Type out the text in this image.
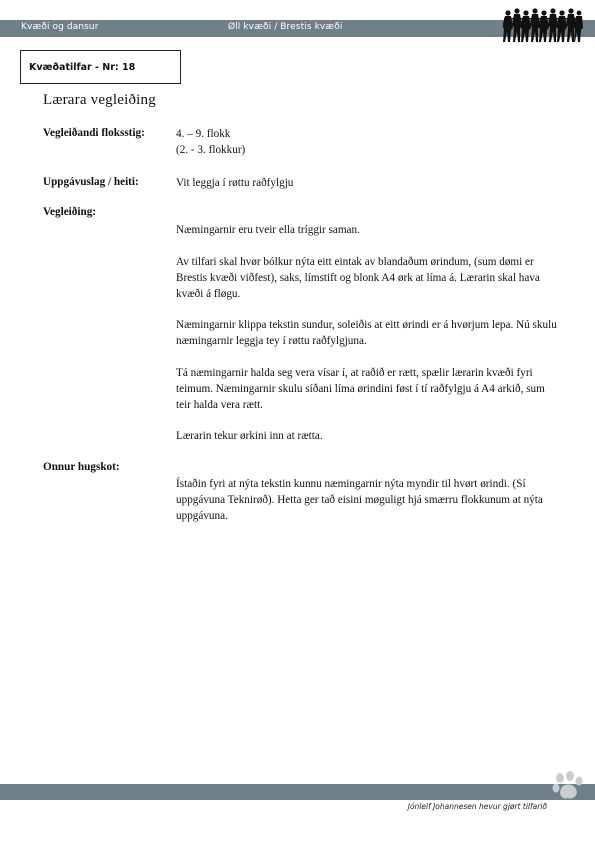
Kvæði og dansur	Øll kvæði / Brestis kvæði
Kvæðatilfar - Nr: 18
Lærara vegleiðing
Vegleiðandi floksstig:	4. – 9. flokk
(2. - 3. flokkur)
Uppgávuslag / heiti:	Vit leggja í røttu raðfylgju
Vegleiðing:
Næmingarnir eru tveir ella tríggir saman.
Av tilfari skal hvør bólkur nýta eitt eintak av blandaðum ørindum, (sum dømi er Brestis kvæði viðfest), saks, límstift og blonk A4 ørk at líma á. Lærarin skal hava kvæði á fløgu.
Næmingarnir klippa tekstin sundur, soleiðis at eitt ørindi er á hvørjum lepa. Nú skulu næmingarnir leggja tey í røttu raðfylgjuna.
Tá næmingarnir halda seg vera vísar í, at raðið er rætt, spælir lærarin kvæði fyri teimum. Næmingarnir skulu síðani líma ørindini føst í tí raðfylgju á A4 arkið, sum teir halda vera rætt.
Lærarin tekur ørkini inn at rætta.
Onnur hugskot:
Ístaðin fyri at nýta tekstin kunnu næmingarnir nýta myndir til hvørt ørindi. (Sí uppgávuna Teknirøð). Hetta ger tað eisini møguligt hjá smærru flokkunum at nýta uppgávuna.
Jónleif Johannesen hevur gjørt tilfarið
